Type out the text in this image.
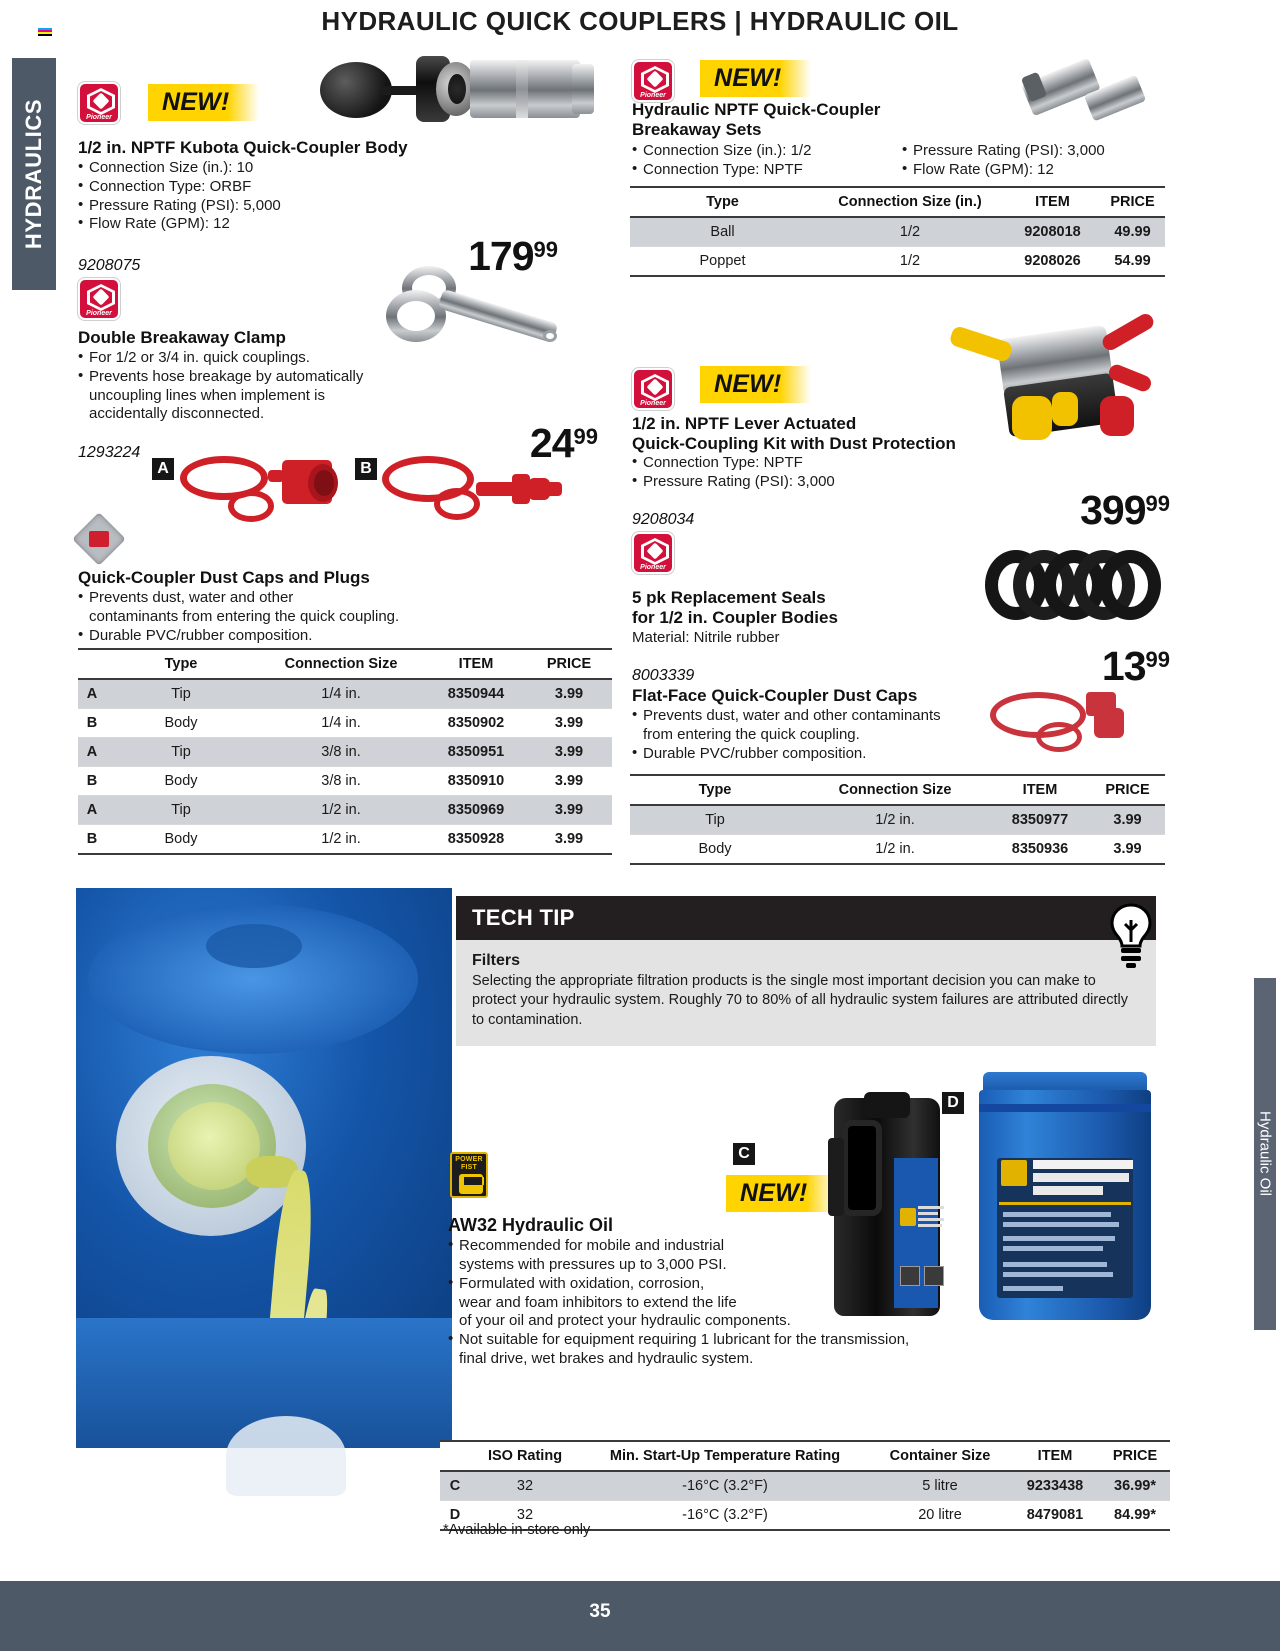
HYDRAULIC QUICK COUPLERS | HYDRAULIC OIL
HYDRAULICS
Hydraulic Oil
Pioneer
NEW!
1/2 in. NPTF Kubota Quick-Coupler Body
• Connection Size (in.): 10
• Connection Type: ORBF
• Pressure Rating (PSI): 5,000
• Flow Rate (GPM): 12
9208075	17999
Pioneer
Double Breakaway Clamp
• For 1/2 or 3/4 in. quick couplings.
• Prevents hose breakage by automatically
uncoupling lines when implement is
accidentally disconnected.
1293224	2499
A	B
Quick-Coupler Dust Caps and Plugs
• Prevents dust, water and other
contaminants from entering the quick coupling.
• Durable PVC/rubber composition.
	Type	Connection Size	ITEM	PRICE
A	Tip	1/4 in.	8350944	3.99
B	Body	1/4 in.	8350902	3.99
A	Tip	3/8 in.	8350951	3.99
B	Body	3/8 in.	8350910	3.99
A	Tip	1/2 in.	8350969	3.99
B	Body	1/2 in.	8350928	3.99
Pioneer
NEW!
Hydraulic NPTF Quick-Coupler
Breakaway Sets
• Connection Size (in.): 1/2
• Connection Type: NPTF
• Pressure Rating (PSI): 3,000
• Flow Rate (GPM): 12
Type	Connection Size (in.)	ITEM	PRICE
Ball	1/2	9208018	49.99
Poppet	1/2	9208026	54.99
Pioneer
NEW!
1/2 in. NPTF Lever Actuated
Quick-Coupling Kit with Dust Protection
• Connection Type: NPTF
• Pressure Rating (PSI): 3,000
9208034	39999
Pioneer
5 pk Replacement Seals
for 1/2 in. Coupler Bodies
Material: Nitrile rubber
8003339	1399
Flat-Face Quick-Coupler Dust Caps
• Prevents dust, water and other contaminants
from entering the quick coupling.
• Durable PVC/rubber composition.
Type	Connection Size	ITEM	PRICE
Tip	1/2 in.	8350977	3.99
Body	1/2 in.	8350936	3.99
TECH TIP
Filters

Selecting the appropriate filtration products is the single most important decision you can make to protect your hydraulic system. Roughly 70 to 80% of all hydraulic system failures are attributed directly to contamination.

POWER
FIST
C
NEW!
D
AW32 Hydraulic Oil
• Recommended for mobile and industrial
systems with pressures up to 3,000 PSI.
• Formulated with oxidation, corrosion,
wear and foam inhibitors to extend the life
of your oil and protect your hydraulic components.
• Not suitable for equipment requiring 1 lubricant for the transmission,
final drive, wet brakes and hydraulic system.
	ISO Rating	Min. Start-Up Temperature Rating	Container Size	ITEM	PRICE
C	32	-16°C (3.2°F)	5 litre	9233438	36.99*
D	32	-16°C (3.2°F)	20 litre	8479081	84.99*
*Available in-store only
35
